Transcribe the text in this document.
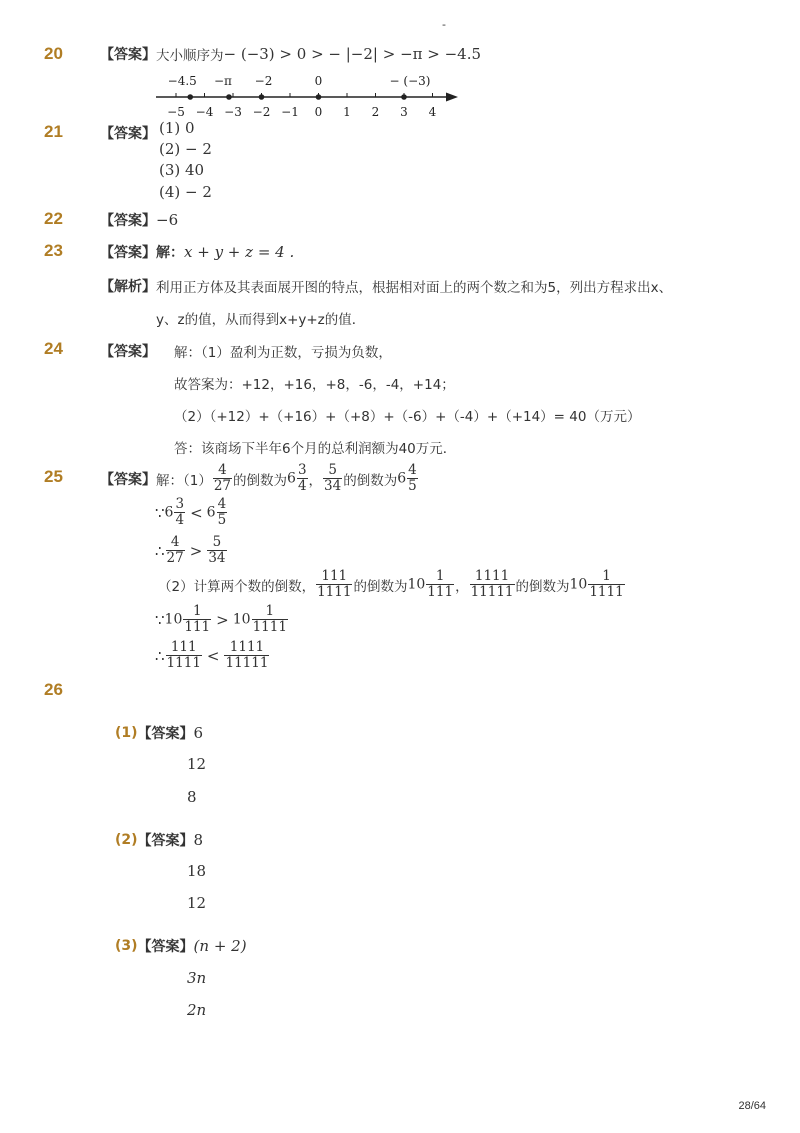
-
20	【答案】 大小顺序为 − (−3) > 0 > − |−2| > −π > −4.5
−5 −4 −3 −2 −1 0 1 2 3 4
−4.5 −π −2	0	− (−3)
21	【答案】 (1) 0
(2) − 2
(3) 40
(4) − 2
22	【答案】 −6
23	【答案】 解： x + y + z = 4 .
【解析】 利用正方体及其表面展开图的特点，根据相对面上的两个数之和为5，列出方程求出x、
y、z的值，从而得到x+y+z的值．
24	【答案】 解：（1）盈利为正数，亏损为负数，
故答案为：+12，+16，+8，-6，-4，+14；
（2）（+12）+（+16）+（+8）+（-6）+（-4）+（+14）= 40（万元）
答：该商场下半年6个月的总利润额为40万元．
25	【答案】 解：$(1) \frac{4}{27}$ 的倒数为 $6 \frac{3}{4}$ ， $\frac{5}{34}$ 的倒数为 $6 \frac{4}{5}$
∵ $6 \frac{3}{4} < 6 \frac{4}{5}$
∴ $\frac{4}{27} > \frac{5}{34}$
（2）计算两个数的倒数， $\frac{111}{1111}$ 的倒数为 $10 \frac{1}{111}$ ， $\frac{1111}{11111}$ 的倒数为 $10 \frac{1}{1111}$
∵ $10 \frac{1}{111} > 10 \frac{1}{1111}$
∴ $\frac{111}{1111} < \frac{1111}{11111}$
26
(1) 【答案】 6
12
8
(2) 【答案】 8
18
12
(3) 【答案】 (n + 2)
3n
2n
28/64
